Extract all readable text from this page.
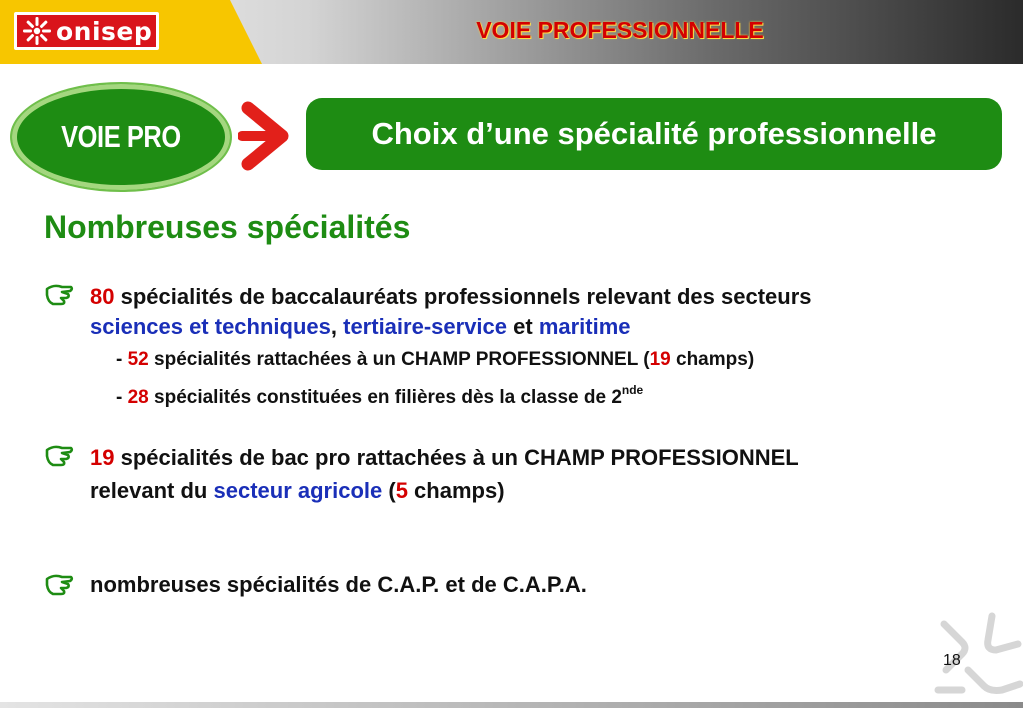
onisep	VOIE PROFESSIONNELLE
VOIE PRO	Choix d’une spécialité professionnelle
Nombreuses spécialités
80 spécialités de baccalauréats professionnels relevant des secteurs
sciences et techniques, tertiaire-service et maritime
- 52 spécialités rattachées à un CHAMP PROFESSIONNEL (19 champs)
- 28 spécialités constituées en filières dès la classe de 2nde
19 spécialités de bac pro rattachées à un CHAMP PROFESSIONNEL
relevant du secteur agricole (5 champs)
nombreuses spécialités de C.A.P. et de C.A.P.A.
18
